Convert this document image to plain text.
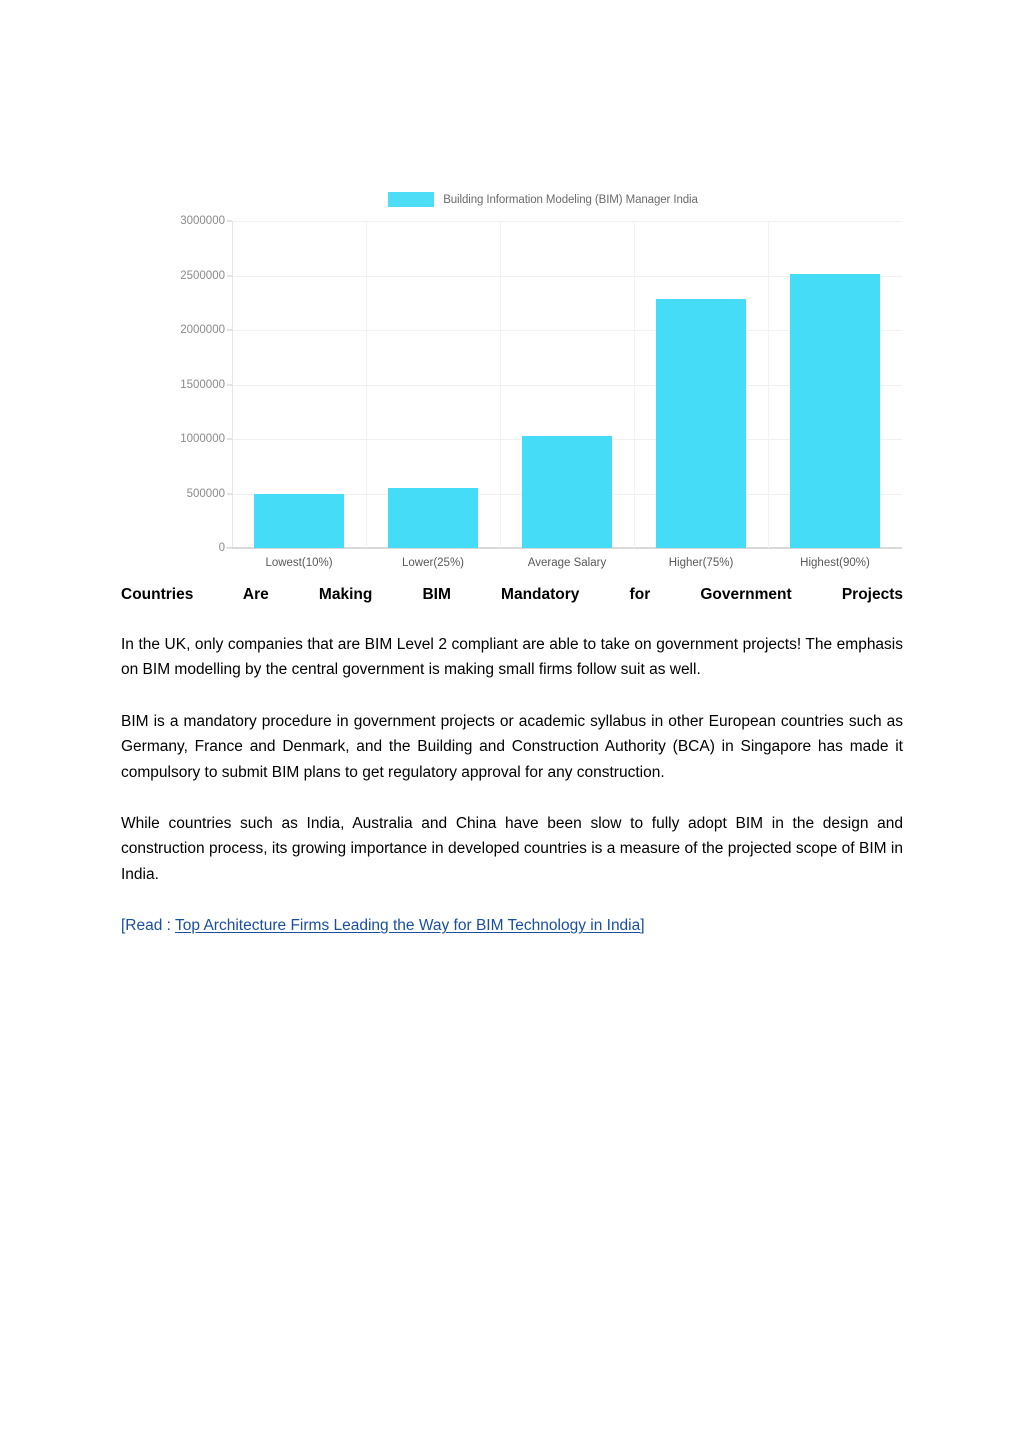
Building Information Modeling (BIM) Manager India
0
500000
1000000
1500000
2000000
2500000
3000000
Lowest(10%)	Lower(25%)	Average Salary	Higher(75%)	Highest(90%)
Countries Are Making BIM Mandatory for Government Projects

In the UK, only companies that are BIM Level 2 compliant are able to take on government projects! The emphasis on BIM modelling by the central government is making small firms follow suit as well.

BIM is a mandatory procedure in government projects or academic syllabus in other European countries such as Germany, France and Denmark, and the Building and Construction Authority (BCA) in Singapore has made it compulsory to submit BIM plans to get regulatory approval for any construction.

While countries such as India, Australia and China have been slow to fully adopt BIM in the design and construction process, its growing importance in developed countries is a measure of the projected scope of BIM in India.

[Read : Top Architecture Firms Leading the Way for BIM Technology in India]
